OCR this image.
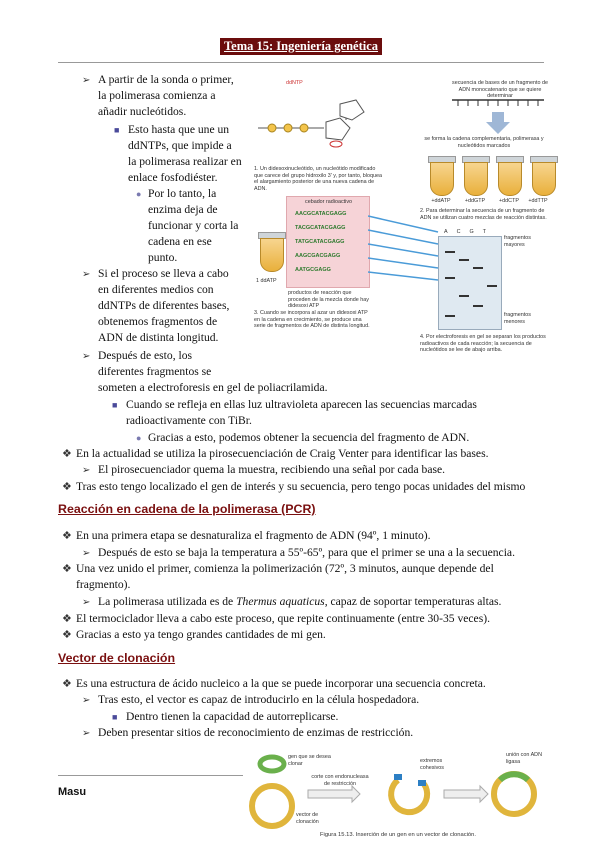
Tema 15: Ingeniería genética
➢ A partir de la sonda o primer,
la polimerasa comienza a
añadir nucleótidos.
■ Esto hasta que une un
ddNTPs, que impide a
la polimerasa realizar en
enlace fosfodiéster.
● Por lo tanto, la
enzima deja de
funcionar y corta la
cadena en ese
punto.
➢ Si el proceso se lleva a cabo
en diferentes medios con
ddNTPs de diferentes bases,
obtenemos fragmentos de
ADN de distinta longitud.
➢ Después de esto, los
diferentes fragmentos se
someten a electroforesis en gel de poliacrilamida.
■ Cuando se refleja en ellas luz ultravioleta aparecen las secuencias marcadas
radioactivamente con TiBr.
● Gracias a esto, podemos obtener la secuencia del fragmento de ADN.
❖ En la actualidad se utiliza la pirosecuenciación de Craig Venter para identificar las bases.
➢ El pirosecuenciador quema la muestra, recibiendo una señal por cada base.
❖ Tras esto tengo localizado el gen de interés y su secuencia, pero tengo pocas unidades del mismo
ddNTP
1. Un didesoxinucleótido, un nucleótido modificado que carece del grupo hidroxilo 3' y, por tanto, bloquea el alargamiento posterior de una nueva cadena de ADN.
secuencia de bases de un fragmento de ADN monocatenario que se quiere determinar
se forma la cadena complementaria, polimerasa y nucleótidos marcados
+ddATP	+ddGTP	+ddCTP	+ddTTP
2. Para determinar la secuencia de un fragmento de ADN se utilizan cuatro mezclas de reacción distintas.
cebador radioactivo
AACGCATACGAGG
TACGCATACGAGG
TATGCATACGAGG
AAGCGACGAGG
AATGCGAGG
1 ddATP
productos de reacción que proceden de la mezcla donde hay didesoxi ATP
ACGT
fragmentos mayores
fragmentos menores
3. Cuando se incorpora al azar un didesoxi ATP en la cadena en crecimiento, se produce una serie de fragmentos de ADN de distinta longitud.
4. Por electroforesis en gel se separan los productos radioactivos de cada reacción; la secuencia de nucleótidos se lee de abajo arriba.
Reacción en cadena de la polimerasa (PCR)
❖ En una primera etapa se desnaturaliza el fragmento de ADN (94º, 1 minuto).
➢ Después de esto se baja la temperatura a 55º-65º, para que el primer se una a la secuencia.
❖ Una vez unido el primer, comienza la polimerización (72º, 3 minutos, aunque depende del
fragmento).
➢ La polimerasa utilizada es de Thermus aquaticus, capaz de soportar temperaturas altas.
❖ El termociclador lleva a cabo este proceso, que repite continuamente (entre 30-35 veces).
❖ Gracias a esto ya tengo grandes cantidades de mi gen.
Vector de clonación
❖ Es una estructura de ácido nucleico a la que se puede incorporar una secuencia concreta.
➢ Tras esto, el vector es capaz de introducirlo en la célula hospedadora.
■ Dentro tienen la capacidad de autorreplicarse.
➢ Deben presentar sitios de reconocimiento de enzimas de restricción.
gen que se desea clonar
vector de clonación
corte con endonucleasa de restricción
extremos cohesivos
unión con ADN ligasa
Figura 15.13. Inserción de un gen en un vector de clonación.
Masu
